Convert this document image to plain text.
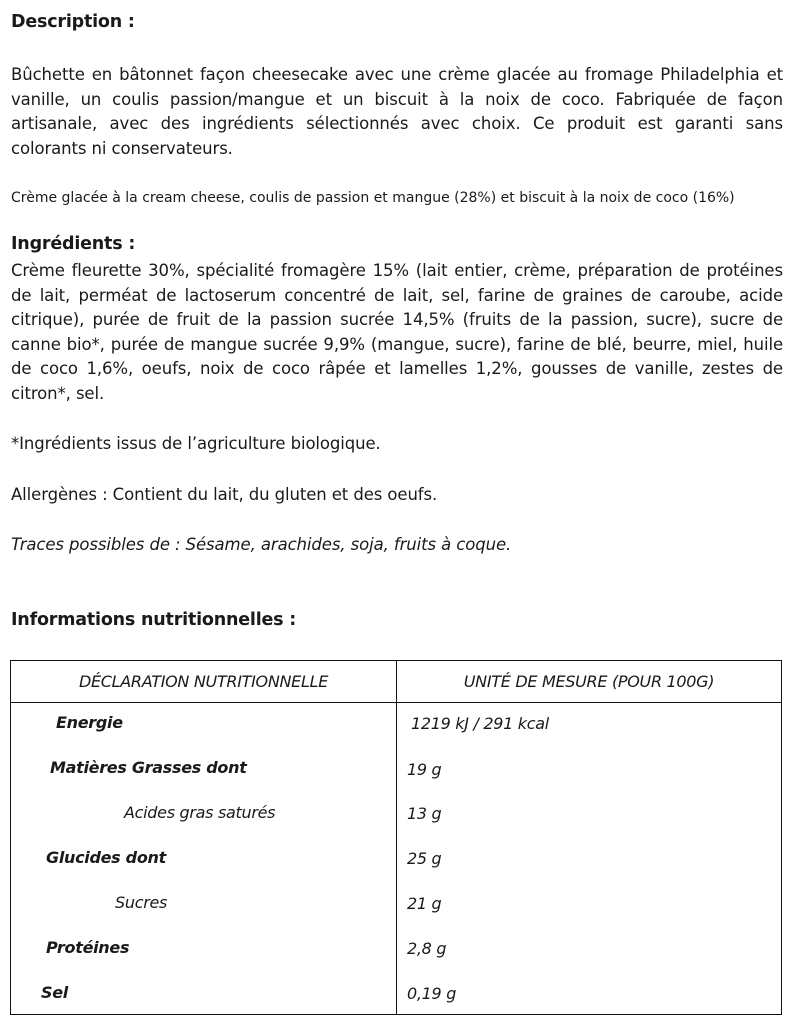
Description :

Bûchette en bâtonnet façon cheesecake avec une crème glacée au fromage Philadelphia et vanille, un coulis passion/mangue et un biscuit à la noix de coco. Fabriquée de façon artisanale, avec des ingrédients sélectionnés avec choix. Ce produit est garanti sans colorants ni conservateurs.

Crème glacée à la cream cheese, coulis de passion et mangue (28%) et biscuit à la noix de coco (16%)

Ingrédients :

Crème fleurette 30%, spécialité fromagère 15% (lait entier, crème, préparation de protéines de lait, perméat de lactoserum concentré de lait, sel, farine de graines de caroube, acide citrique), purée de fruit de la passion sucrée 14,5% (fruits de la passion, sucre), sucre de canne bio*, purée de mangue sucrée 9,9% (mangue, sucre), farine de blé, beurre, miel, huile de coco 1,6%, oeufs, noix de coco râpée et lamelles 1,2%, gousses de vanille, zestes de citron*, sel.

*Ingrédients issus de l’agriculture biologique.
Allergènes : Contient du lait, du gluten et des oeufs.
Traces possibles de : Sésame, arachides, soja, fruits à coque.
Informations nutritionnelles :
DÉCLARATION NUTRITIONNELLE	UNITÉ DE MESURE (POUR 100G)
Energie	1219 kJ / 291 kcal
Matières Grasses dont	19 g
Acides gras saturés	13 g
Glucides dont	25 g
Sucres	21 g
Protéines	2,8 g
Sel	0,19 g
